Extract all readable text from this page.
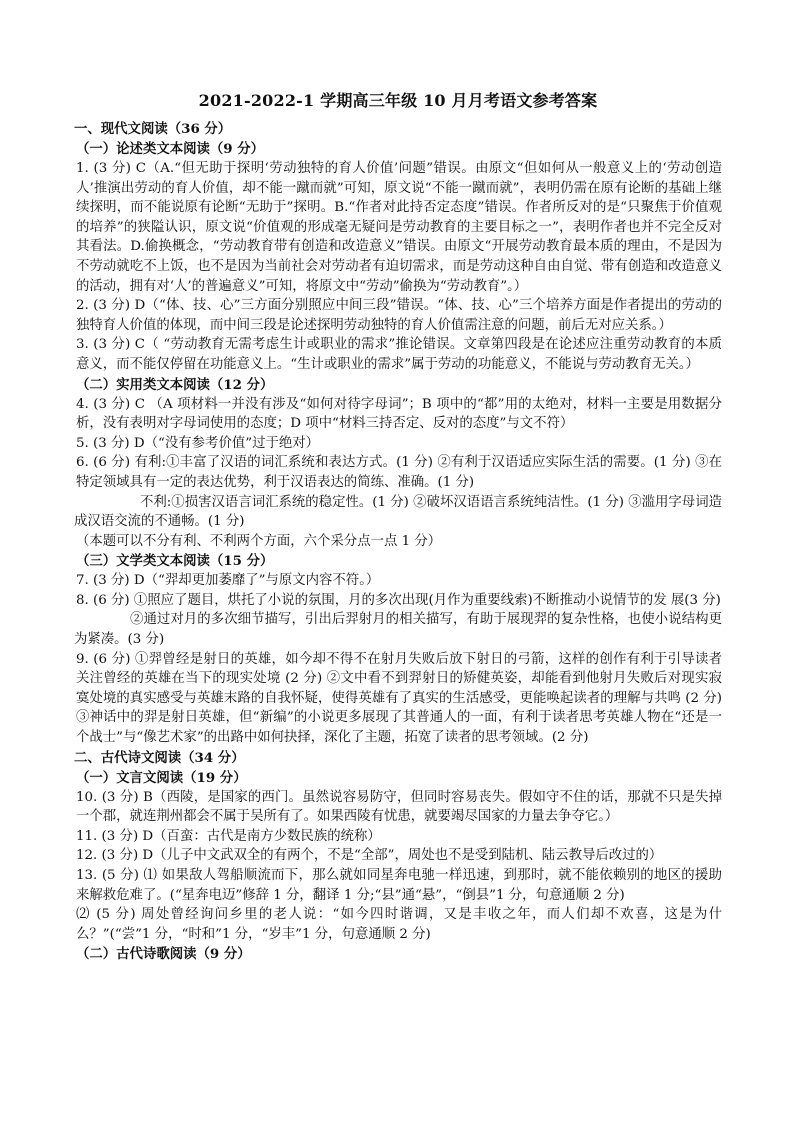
2021-2022-1 学期高三年级 10 月月考语文参考答案
一、现代文阅读（36 分）
（一）论述类文本阅读（9 分）

1. (3 分) C（A.“但无助于探明‘劳动独特的育人价值’问题”错误。由原文“但如何从一般意义上的‘劳动创造人’推演出劳动的育人价值，却不能一蹴而就”可知，原文说“不能一蹴而就”，表明仍需在原有论断的基础上继续探明，而不能说原有论断“无助于”探明。B.“作者对此持否定态度”错误。作者所反对的是“只聚焦于价值观的培养”的狭隘认识，原文说“价值观的形成毫无疑问是劳动教育的主要目标之一”，表明作者也并不完全反对其看法。D.偷换概念，“劳动教育带有创造和改造意义”错误。由原文“开展劳动教育最本质的理由，不是因为不劳动就吃不上饭，也不是因为当前社会对劳动者有迫切需求，而是劳动这种自由自觉、带有创造和改造意义的活动，拥有对‘人’的普遍意义”可知，将原文中“劳动”偷换为“劳动教育”。）

2. (3 分) D（“体、技、心”三方面分别照应中间三段”错误。“体、技、心”三个培养方面是作者提出的劳动的独特育人价值的体现，而中间三段是论述探明劳动独特的育人价值需注意的问题，前后无对应关系。）

3. (3 分) C（ “劳动教育无需考虑生计或职业的需求”推论错误。文章第四段是在论述应注重劳动教育的本质意义，而不能仅停留在功能意义上。“生计或职业的需求”属于劳动的功能意义，不能说与劳动教育无关。）

（二）实用类文本阅读（12 分）

4. (3 分) C （A 项材料一并没有涉及“如何对待字母词”；B 项中的“都”用的太绝对，材料一主要是用数据分析，没有表明对字母词使用的态度；D 项中“材料三持否定、反对的态度”与文不符）

5. (3 分) D（“没有参考价值”过于绝对）

6. (6 分) 有利:①丰富了汉语的词汇系统和表达方式。(1 分) ②有利于汉语适应实际生活的需要。(1 分) ③在特定领域具有一定的表达优势，利于汉语表达的简练、准确。(1 分)

不利:①损害汉语言词汇系统的稳定性。(1 分) ②破坏汉语语言系统纯洁性。(1 分) ③滥用字母词造成汉语交流的不通畅。(1 分)

（本题可以不分有利、不利两个方面，六个采分点一点 1 分）

（三）文学类文本阅读（15 分）

7. (3 分) D（“羿却更加萎靡了”与原文内容不符。）

8. (6 分) ①照应了题目，烘托了小说的氛围，月的多次出现(月作为重要线索)不断推动小说情节的发 展(3 分)

②通过对月的多次细节描写，引出后羿射月的相关描写，有助于展现羿的复杂性格，也使小说结构更为紧凑。(3 分)

9. (6 分) ①羿曾经是射日的英雄，如今却不得不在射月失败后放下射日的弓箭，这样的创作有利于引导读者关注曾经的英雄在当下的现实处境 (2 分) ②文中看不到羿射日的矫健英姿，却能看到他射月失败后对现实寂寞处境的真实感受与英雄末路的自我怀疑，使得英雄有了真实的生活感受，更能唤起读者的理解与共鸣 (2 分) ③神话中的羿是射日英雄，但“新编”的小说更多展现了其普通人的一面，有利于读者思考英雄人物在“还是一个战士”与“像艺术家”的出路中如何抉择，深化了主题，拓宽了读者的思考领域。(2 分)

二、古代诗文阅读（34 分）
（一）文言文阅读（19 分）

10. (3 分) B（西陵，是国家的西门。虽然说容易防守，但同时容易丧失。假如守不住的话，那就不只是失掉一个郡，就连荆州都会不属于吴所有了。如果西陵有忧患，就要竭尽国家的力量去争夺它。）

11. (3 分) D（百蛮：古代是南方少数民族的统称）

12. (3 分) D（儿子中文武双全的有两个，不是“全部”，周处也不是受到陆机、陆云教导后改过的）

13. (5 分) ⑴ 如果敌人驾船顺流而下，那么就如同星奔电驰一样迅速，到那时，就不能依赖别的地区的援助来解救危难了。(“星奔电迈”修辞 1 分，翻译 1 分;“县”通“悬”，“倒县”1 分，句意通顺 2 分)

⑵ (5 分) 周处曾经询问乡里的老人说：“如今四时谐调，又是丰收之年，而人们却不欢喜，这是为什么？”(“尝”1 分，“时和”1 分，“岁丰”1 分，句意通顺 2 分)

（二）古代诗歌阅读（9 分）
